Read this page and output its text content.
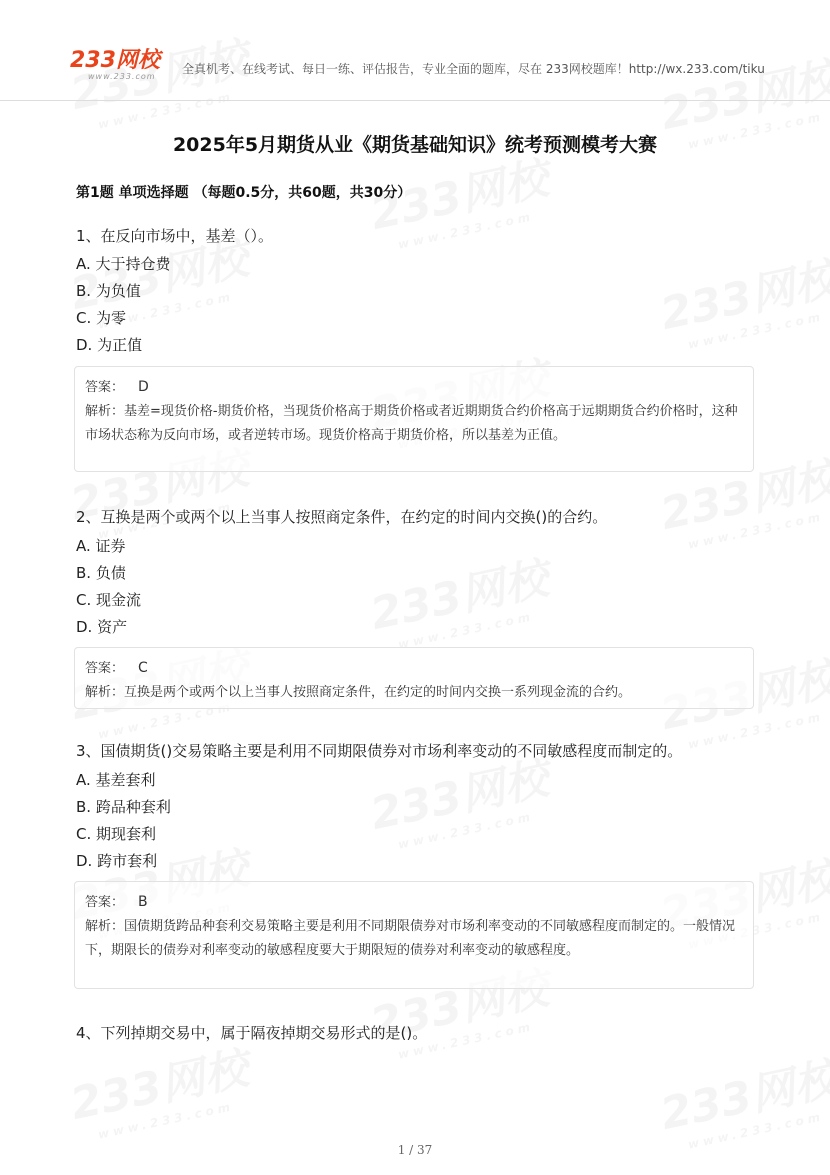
233网校
www.233.com
全真机考、在线考试、每日一练、评估报告，专业全面的题库，尽在 233网校题库！http://wx.233.com/tiku
2025年5月期货从业《期货基础知识》统考预测模考大赛
第1题 单项选择题 （每题0.5分，共60题，共30分）
1、在反向市场中，基差（）。
A. 大于持仓费
B. 为负值
C. 为零
D. 为正值
答案： D
解析：基差=现货价格-期货价格，当现货价格高于期货价格或者近期期货合约价格高于远期期货合约价格时，这种市场状态称为反向市场，或者逆转市场。现货价格高于期货价格，所以基差为正值。
2、互换是两个或两个以上当事人按照商定条件，在约定的时间内交换()的合约。
A. 证券
B. 负债
C. 现金流
D. 资产
答案： C
解析：互换是两个或两个以上当事人按照商定条件，在约定的时间内交换一系列现金流的合约。
3、国债期货()交易策略主要是利用不同期限债券对市场利率变动的不同敏感程度而制定的。
A. 基差套利
B. 跨品种套利
C. 期现套利
D. 跨市套利
答案： B
解析：国债期货跨品种套利交易策略主要是利用不同期限债券对市场利率变动的不同敏感程度而制定的。一般情况下，期限长的债券对利率变动的敏感程度要大于期限短的债券对利率变动的敏感程度。
4、下列掉期交易中，属于隔夜掉期交易形式的是()。
1 / 37
